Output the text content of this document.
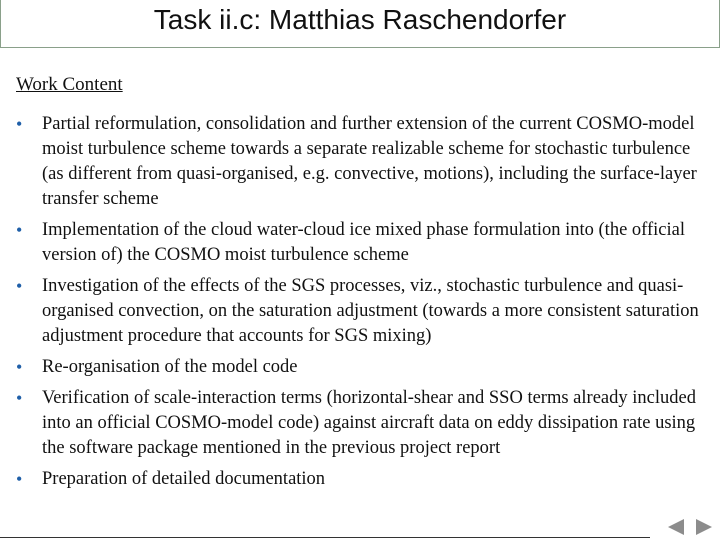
Task ii.c: Matthias Raschendorfer
Work Content
• Partial reformulation, consolidation and further extension of the current COSMO-model moist turbulence scheme towards a separate realizable scheme for stochastic turbulence (as different from quasi-organised, e.g. convective, motions), including the surface-layer transfer scheme
• Implementation of the cloud water-cloud ice mixed phase formulation into (the official version of) the COSMO moist turbulence scheme
• Investigation of the effects of the SGS processes, viz., stochastic turbulence and quasi-organised convection, on the saturation adjustment (towards a more consistent saturation adjustment procedure that accounts for SGS mixing)
• Re-organisation of the model code
• Verification of scale-interaction terms (horizontal-shear and SSO terms already included into an official COSMO-model code) against aircraft data on eddy dissipation rate using the software package mentioned in the previous project report
• Preparation of detailed documentation
